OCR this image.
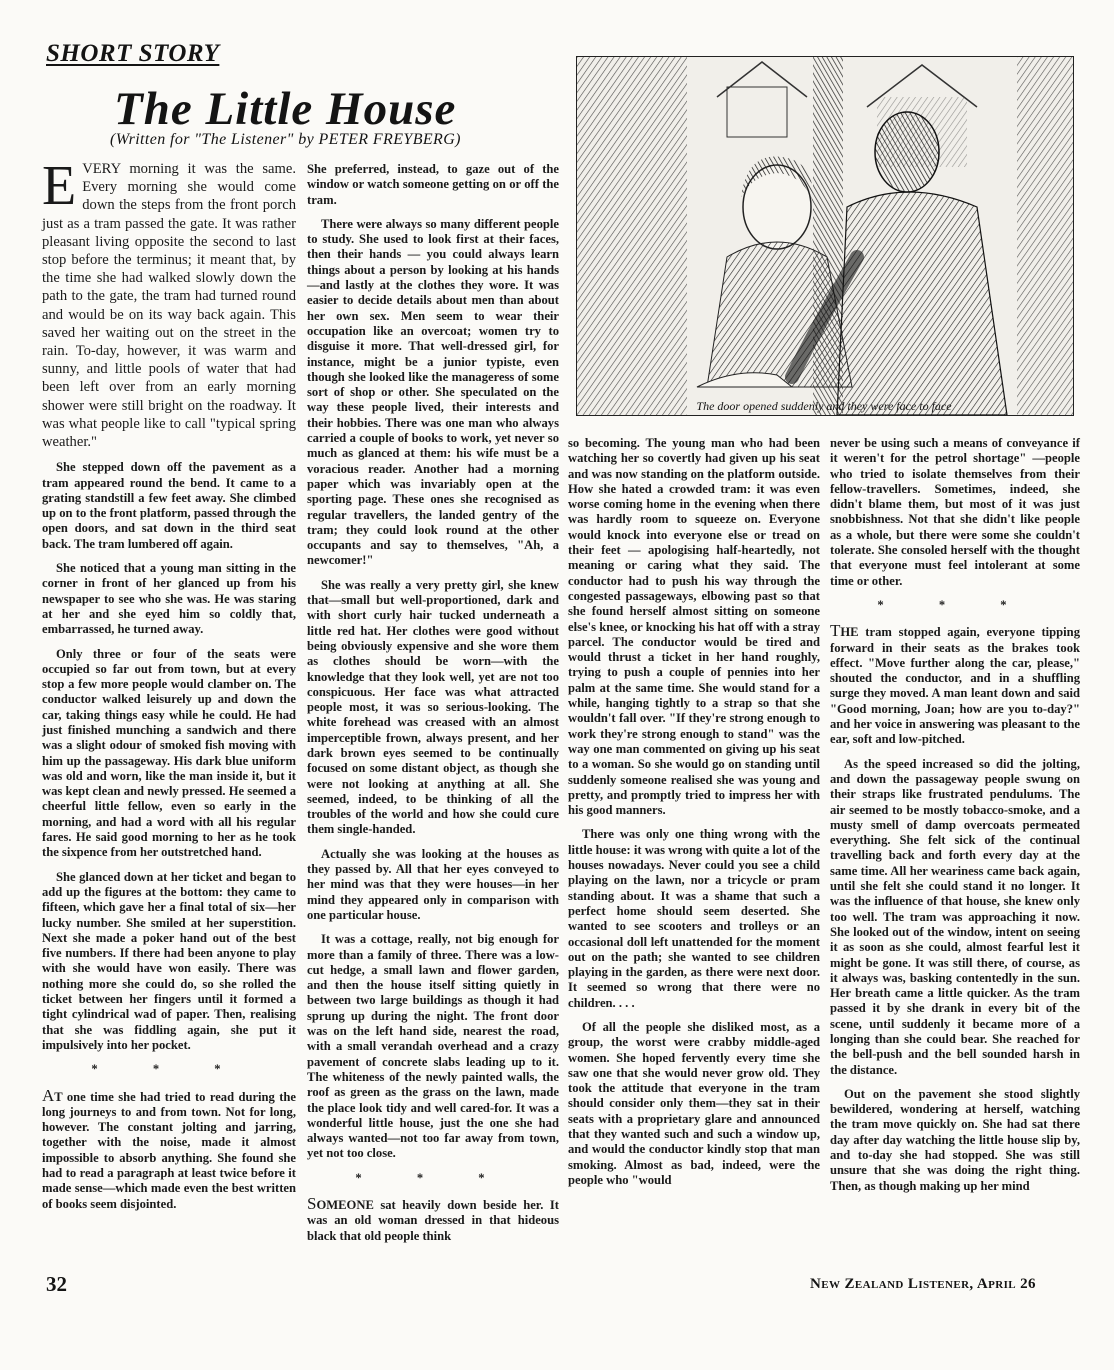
SHORT STORY
The Little House
(Written for "The Listener" by PETER FREYBERG)

EVERY morning it was the same. Every morning she would come down the steps from the front porch just as a tram passed the gate. It was rather pleasant living opposite the second to last stop before the terminus; it meant that, by the time she had walked slowly down the path to the gate, the tram had turned round and would be on its way back again. This saved her waiting out on the street in the rain. To-day, however, it was warm and sunny, and little pools of water that had been left over from an early morning shower were still bright on the roadway. It was what people like to call "typical spring weather."

She stepped down off the pavement as a tram appeared round the bend. It came to a grating standstill a few feet away. She climbed up on to the front platform, passed through the open doors, and sat down in the third seat back. The tram lumbered off again.

She noticed that a young man sitting in the corner in front of her glanced up from his newspaper to see who she was. He was staring at her and she eyed him so coldly that, embarrassed, he turned away.

Only three or four of the seats were occupied so far out from town, but at every stop a few more people would clamber on. The conductor walked leisurely up and down the car, taking things easy while he could. He had just finished munching a sandwich and there was a slight odour of smoked fish moving with him up the passageway. His dark blue uniform was old and worn, like the man inside it, but it was kept clean and newly pressed. He seemed a cheerful little fellow, even so early in the morning, and had a word with all his regular fares. He said good morning to her as he took the sixpence from her outstretched hand.

She glanced down at her ticket and began to add up the figures at the bottom: they came to fifteen, which gave her a final total of six—her lucky number. She smiled at her superstition. Next she made a poker hand out of the best five numbers. If there had been anyone to play with she would have won easily. There was nothing more she could do, so she rolled the ticket between her fingers until it formed a tight cylindrical wad of paper. Then, realising that she was fiddling again, she put it impulsively into her pocket.

* * *

AT one time she had tried to read during the long journeys to and from town. Not for long, however. The constant jolting and jarring, together with the noise, made it almost impossible to absorb anything. She found she had to read a paragraph at least twice before it made sense—which made even the best written of books seem disjointed.

She preferred, instead, to gaze out of the window or watch someone getting on or off the tram.

There were always so many different people to study. She used to look first at their faces, then their hands — you could always learn things about a person by looking at his hands—and lastly at the clothes they wore. It was easier to decide details about men than about her own sex. Men seem to wear their occupation like an overcoat; women try to disguise it more. That well-dressed girl, for instance, might be a junior typiste, even though she looked like the manageress of some sort of shop or other. She speculated on the way these people lived, their interests and their hobbies. There was one man who always carried a couple of books to work, yet never so much as glanced at them: his wife must be a voracious reader. Another had a morning paper which was invariably open at the sporting page. These ones she recognised as regular travellers, the landed gentry of the tram; they could look round at the other occupants and say to themselves, "Ah, a newcomer!"

She was really a very pretty girl, she knew that—small but well-proportioned, dark and with short curly hair tucked underneath a little red hat. Her clothes were good without being obviously expensive and she wore them as clothes should be worn—with the knowledge that they look well, yet are not too conspicuous. Her face was what attracted people most, it was so serious-looking. The white forehead was creased with an almost imperceptible frown, always present, and her dark brown eyes seemed to be continually focused on some distant object, as though she were not looking at anything at all. She seemed, indeed, to be thinking of all the troubles of the world and how she could cure them single-handed.

Actually she was looking at the houses as they passed by. All that her eyes conveyed to her mind was that they were houses—in her mind they appeared only in comparison with one particular house.

It was a cottage, really, not big enough for more than a family of three. There was a low-cut hedge, a small lawn and flower garden, and then the house itself sitting quietly in between two large buildings as though it had sprung up during the night. The front door was on the left hand side, nearest the road, with a small verandah overhead and a crazy pavement of concrete slabs leading up to it. The whiteness of the newly painted walls, the roof as green as the grass on the lawn, made the place look tidy and well cared-for. It was a wonderful little house, just the one she had always wanted—not too far away from town, yet not too close.

* * *

SOMEONE sat heavily down beside her. It was an old woman dressed in that hideous black that old people think

The door opened suddenly and they were face to face

so becoming. The young man who had been watching her so covertly had given up his seat and was now standing on the platform outside. How she hated a crowded tram: it was even worse coming home in the evening when there was hardly room to squeeze on. Everyone would knock into everyone else or tread on their feet — apologising half-heartedly, not meaning or caring what they said. The conductor had to push his way through the congested passageways, elbowing past so that she found herself almost sitting on someone else's knee, or knocking his hat off with a stray parcel. The conductor would be tired and would thrust a ticket in her hand roughly, trying to push a couple of pennies into her palm at the same time. She would stand for a while, hanging tightly to a strap so that she wouldn't fall over. "If they're strong enough to work they're strong enough to stand" was the way one man commented on giving up his seat to a woman. So she would go on standing until suddenly someone realised she was young and pretty, and promptly tried to impress her with his good manners.

There was only one thing wrong with the little house: it was wrong with quite a lot of the houses nowadays. Never could you see a child playing on the lawn, nor a tricycle or pram standing about. It was a shame that such a perfect home should seem deserted. She wanted to see scooters and trolleys or an occasional doll left unattended for the moment out on the path; she wanted to see children playing in the garden, as there were next door. It seemed so wrong that there were no children. . . .

Of all the people she disliked most, as a group, the worst were crabby middle-aged women. She hoped fervently every time she saw one that she would never grow old. They took the attitude that everyone in the tram should consider only them—they sat in their seats with a proprietary glare and announced that they wanted such and such a window up, and would the conductor kindly stop that man smoking. Almost as bad, indeed, were the people who "would

never be using such a means of conveyance if it weren't for the petrol shortage" —people who tried to isolate themselves from their fellow-travellers. Sometimes, indeed, she didn't blame them, but most of it was just snobbishness. Not that she didn't like people as a whole, but there were some she couldn't tolerate. She consoled herself with the thought that everyone must feel intolerant at some time or other.

* * *

THE tram stopped again, everyone tipping forward in their seats as the brakes took effect. "Move further along the car, please," shouted the conductor, and in a shuffling surge they moved. A man leant down and said "Good morning, Joan; how are you to-day?" and her voice in answering was pleasant to the ear, soft and low-pitched.

As the speed increased so did the jolting, and down the passageway people swung on their straps like frustrated pendulums. The air seemed to be mostly tobacco-smoke, and a musty smell of damp overcoats permeated everything. She felt sick of the continual travelling back and forth every day at the same time. All her weariness came back again, until she felt she could stand it no longer. It was the influence of that house, she knew only too well. The tram was approaching it now. She looked out of the window, intent on seeing it as soon as she could, almost fearful lest it might be gone. It was still there, of course, as it always was, basking contentedly in the sun. Her breath came a little quicker. As the tram passed it by she drank in every bit of the scene, until suddenly it became more of a longing than she could bear. She reached for the bell-push and the bell sounded harsh in the distance.

Out on the pavement she stood slightly bewildered, wondering at herself, watching the tram move quickly on. She had sat there day after day watching the little house slip by, and to-day she had stopped. She was still unsure that she was doing the right thing. Then, as though making up her mind

32	New Zealand Listener, April 26
